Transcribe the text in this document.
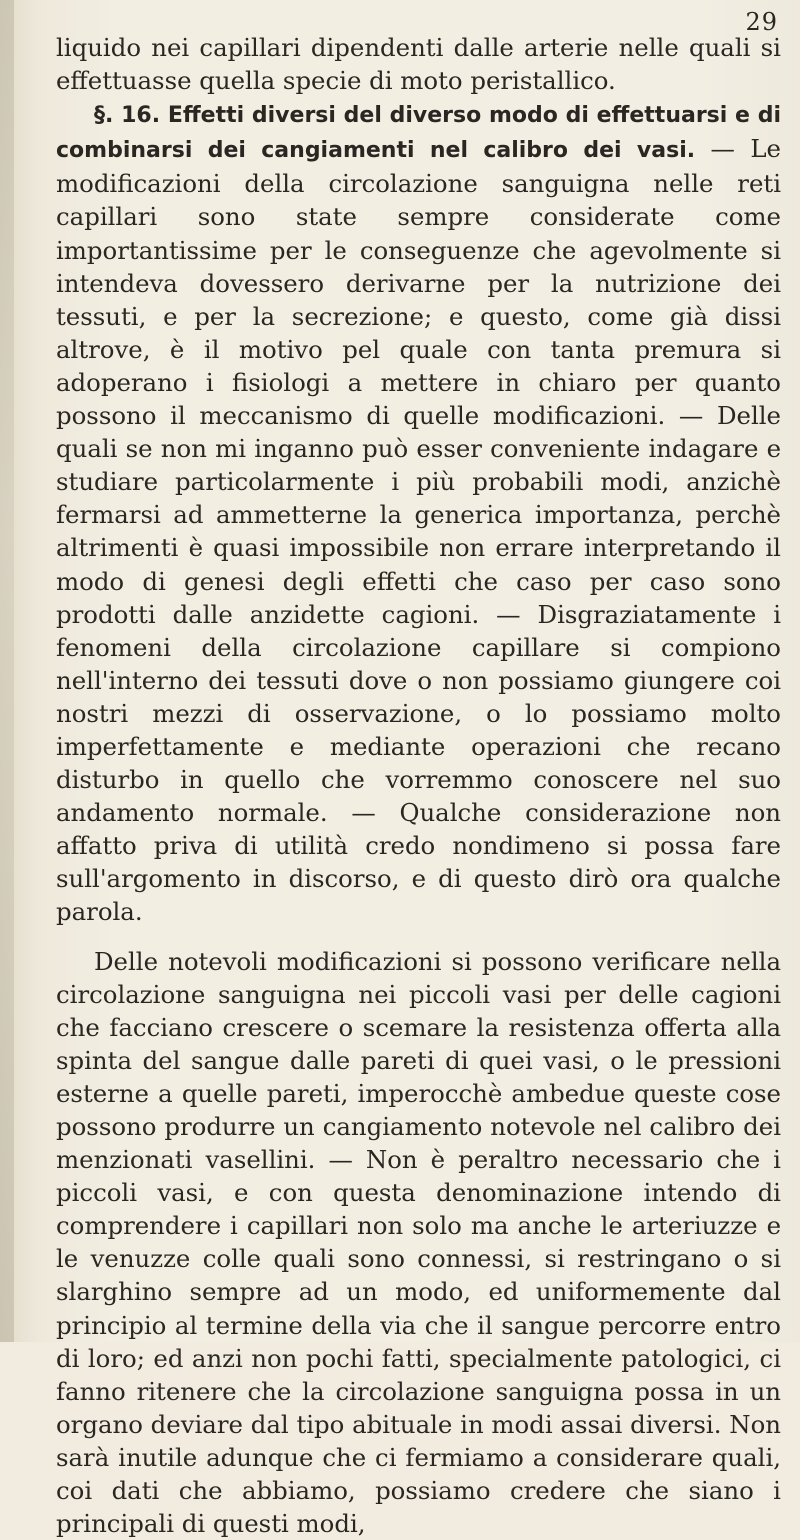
29

liquido nei capillari dipendenti dalle arterie nelle quali si effettuasse quella specie di moto peristallico.

§. 16. Effetti diversi del diverso modo di effettuarsi e di combinarsi dei cangiamenti nel calibro dei vasi. — Le modificazioni della circolazione sanguigna nelle reti capillari sono state sempre considerate come importantissime per le conseguenze che agevolmente si intendeva dovessero derivarne per la nutrizione dei tessuti, e per la secrezione; e questo, come già dissi altrove, è il motivo pel quale con tanta premura si adoperano i fisiologi a mettere in chiaro per quanto possono il meccanismo di quelle modificazioni. — Delle quali se non mi inganno può esser conveniente indagare e studiare particolarmente i più probabili modi, anzichè fermarsi ad ammetterne la generica importanza, perchè altrimenti è quasi impossibile non errare interpretando il modo di genesi degli effetti che caso per caso sono prodotti dalle anzidette cagioni. — Disgraziatamente i fenomeni della circolazione capillare si compiono nell'interno dei tessuti dove o non possiamo giungere coi nostri mezzi di osservazione, o lo possiamo molto imperfettamente e mediante operazioni che recano disturbo in quello che vorremmo conoscere nel suo andamento normale. — Qualche considerazione non affatto priva di utilità credo nondimeno si possa fare sull'argomento in discorso, e di questo dirò ora qualche parola.

Delle notevoli modificazioni si possono verificare nella circolazione sanguigna nei piccoli vasi per delle cagioni che facciano crescere o scemare la resistenza offerta alla spinta del sangue dalle pareti di quei vasi, o le pressioni esterne a quelle pareti, imperocchè ambedue queste cose possono produrre un cangiamento notevole nel calibro dei menzionati vasellini. — Non è peraltro necessario che i piccoli vasi, e con questa denominazione intendo di comprendere i capillari non solo ma anche le arteriuzze e le venuzze colle quali sono connessi, si restringano o si slarghino sempre ad un modo, ed uniformemente dal principio al termine della via che il sangue percorre entro di loro; ed anzi non pochi fatti, specialmente patologici, ci fanno ritenere che la circolazione sanguigna possa in un organo deviare dal tipo abituale in modi assai diversi. Non sarà inutile adunque che ci fermiamo a considerare quali, coi dati che abbiamo, possiamo credere che siano i principali di questi modi,
